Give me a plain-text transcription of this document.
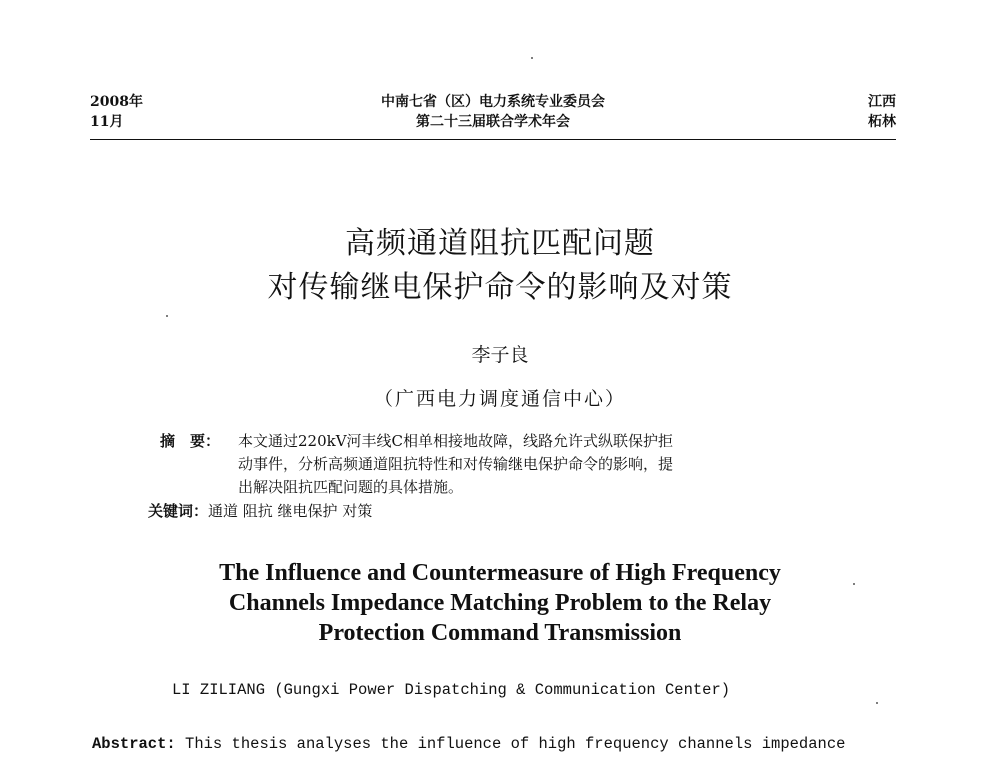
2008年
11月
中南七省（区）电力系统专业委员会
第二十三届联合学术年会
江西
柘林
高频通道阻抗匹配问题
对传输继电保护命令的影响及对策
李子良
（广西电力调度通信中心）
摘　要： 本文通过220kV河丰线C相单相接地故障，线路允许式纵联保护拒
动事件，分析高频通道阻抗特性和对传输继电保护命令的影响，提
出解决阻抗匹配问题的具体措施。
关键词：通道 阻抗 继电保护 对策
The Influence and Countermeasure of High Frequency
Channels Impedance Matching Problem to the Relay
Protection Command Transmission
LI ZILIANG (Gungxi Power Dispatching & Communication Center)
Abstract: This thesis analyses the influence of high frequency channels impedance
